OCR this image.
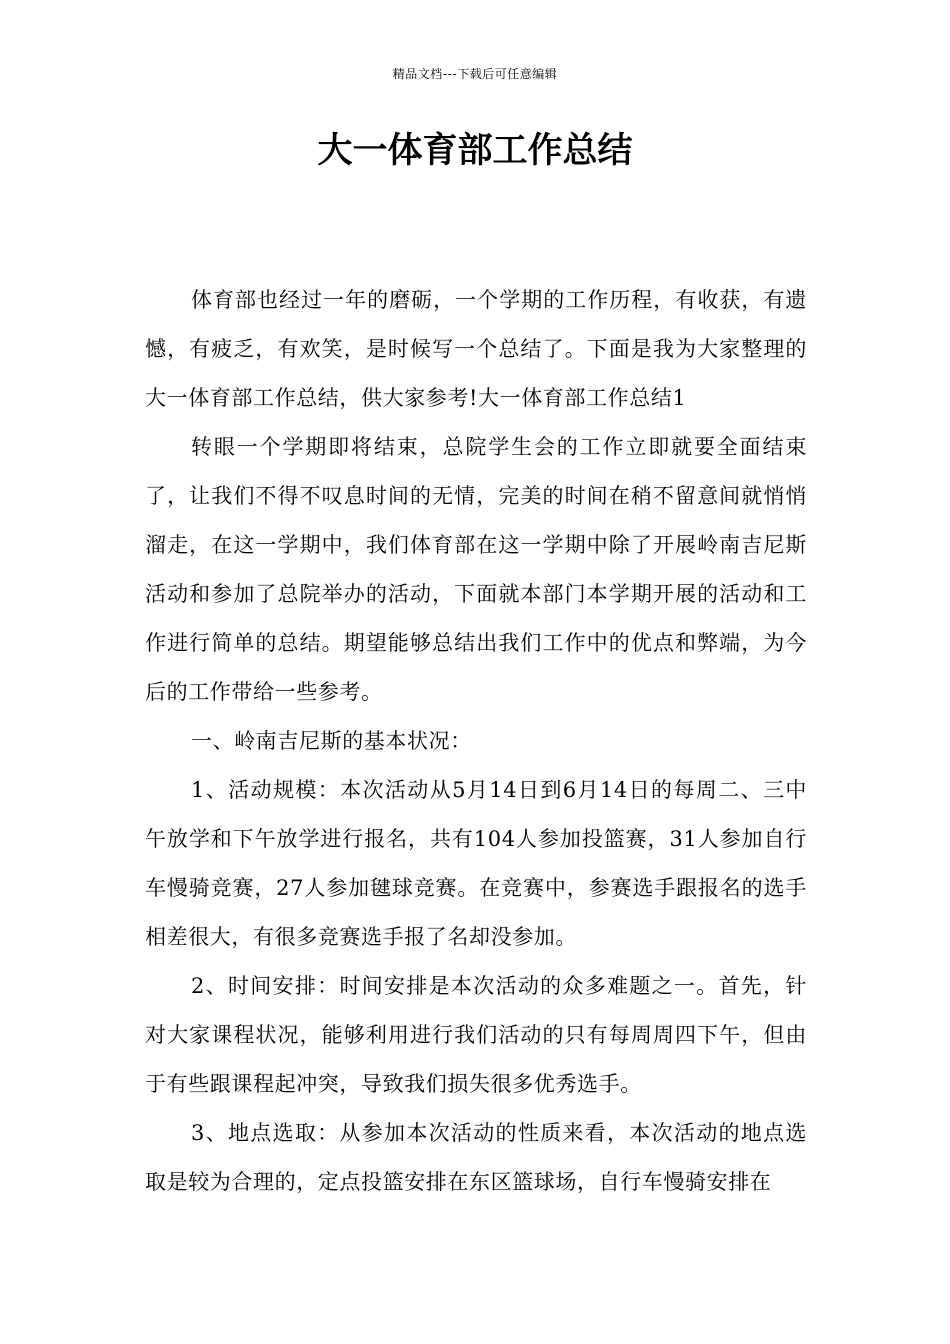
精品文档---下载后可任意编辑
大一体育部工作总结

体育部也经过一年的磨砺，一个学期的工作历程，有收获，有遗憾，有疲乏，有欢笑，是时候写一个总结了。下面是我为大家整理的大一体育部工作总结，供大家参考!大一体育部工作总结1

转眼一个学期即将结束，总院学生会的工作立即就要全面结束了，让我们不得不叹息时间的无情，完美的时间在稍不留意间就悄悄溜走，在这一学期中，我们体育部在这一学期中除了开展岭南吉尼斯活动和参加了总院举办的活动，下面就本部门本学期开展的活动和工作进行简单的总结。期望能够总结出我们工作中的优点和弊端，为今后的工作带给一些参考。

一、岭南吉尼斯的基本状况：

1、活动规模：本次活动从5月14日到6月14日的每周二、三中午放学和下午放学进行报名，共有104人参加投篮赛，31人参加自行车慢骑竞赛，27人参加毽球竞赛。在竞赛中，参赛选手跟报名的选手相差很大，有很多竞赛选手报了名却没参加。

2、时间安排：时间安排是本次活动的众多难题之一。首先，针对大家课程状况，能够利用进行我们活动的只有每周周四下午，但由于有些跟课程起冲突，导致我们损失很多优秀选手。

3、地点选取：从参加本次活动的性质来看，本次活动的地点选取是较为合理的，定点投篮安排在东区篮球场，自行车慢骑安排在
